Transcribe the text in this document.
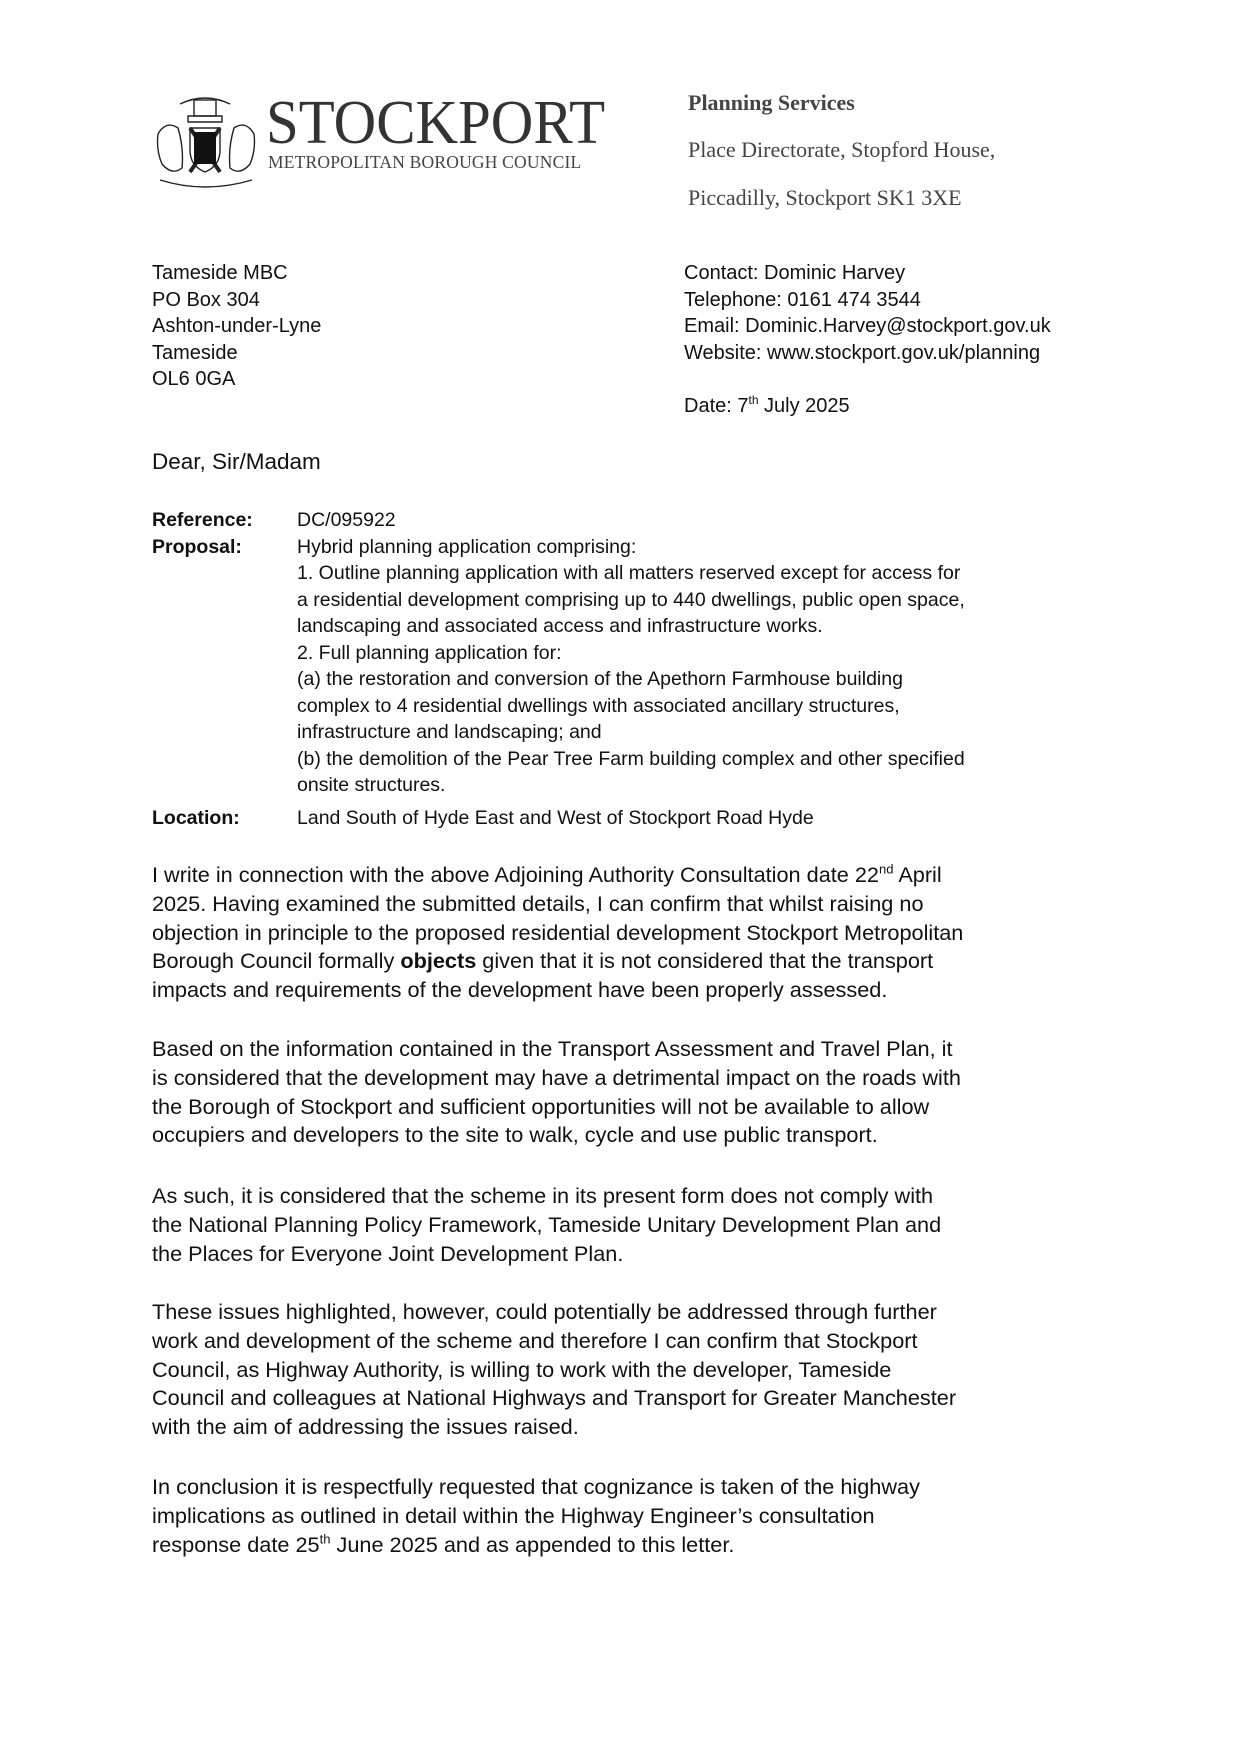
STOCKPORT
METROPOLITAN BOROUGH COUNCIL
Planning Services
Place Directorate, Stopford House,
Piccadilly, Stockport SK1 3XE
Tameside MBC
PO Box 304
Ashton-under-Lyne
Tameside
OL6 0GA
Contact: Dominic Harvey
Telephone: 0161 474 3544
Email: Dominic.Harvey@stockport.gov.uk
Website: www.stockport.gov.uk/planning
Date: 7th July 2025
Dear, Sir/Madam
Reference:	DC/095922
Proposal:	Hybrid planning application comprising:
1. Outline planning application with all matters reserved except for access for
a residential development comprising up to 440 dwellings, public open space,
landscaping and associated access and infrastructure works.
2. Full planning application for:
(a) the restoration and conversion of the Apethorn Farmhouse building
complex to 4 residential dwellings with associated ancillary structures,
infrastructure and landscaping; and
(b) the demolition of the Pear Tree Farm building complex and other specified
onsite structures.
Location:	Land South of Hyde East and West of Stockport Road Hyde
I write in connection with the above Adjoining Authority Consultation date 22nd April
2025. Having examined the submitted details, I can confirm that whilst raising no
objection in principle to the proposed residential development Stockport Metropolitan
Borough Council formally objects given that it is not considered that the transport
impacts and requirements of the development have been properly assessed.
Based on the information contained in the Transport Assessment and Travel Plan, it
is considered that the development may have a detrimental impact on the roads with
the Borough of Stockport and sufficient opportunities will not be available to allow
occupiers and developers to the site to walk, cycle and use public transport.
As such, it is considered that the scheme in its present form does not comply with
the National Planning Policy Framework, Tameside Unitary Development Plan and
the Places for Everyone Joint Development Plan.
These issues highlighted, however, could potentially be addressed through further
work and development of the scheme and therefore I can confirm that Stockport
Council, as Highway Authority, is willing to work with the developer, Tameside
Council and colleagues at National Highways and Transport for Greater Manchester
with the aim of addressing the issues raised.
In conclusion it is respectfully requested that cognizance is taken of the highway
implications as outlined in detail within the Highway Engineer’s consultation
response date 25th June 2025 and as appended to this letter.
